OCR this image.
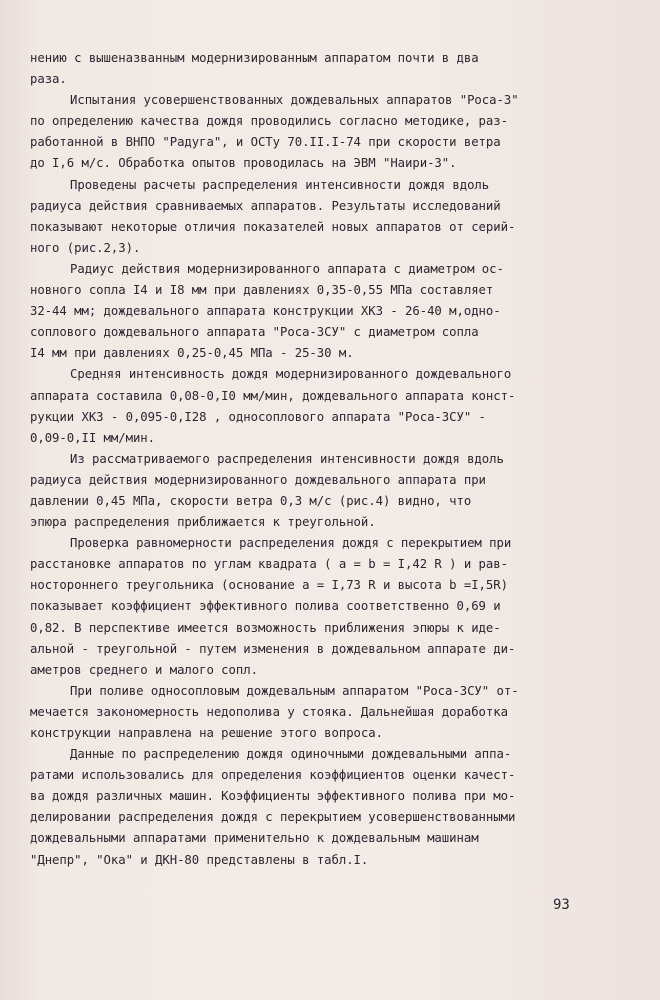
нению с вышеназванным модернизированным аппаратом почти в два
раза.

Испытания усовершенствованных дождевальных аппаратов "Роса-3"
по определению качества дождя проводились согласно методике, раз-
работанной в ВНПО "Радуга", и ОСТу 70.II.I-74 при скорости ветра
до I,6 м/с. Обработка опытов проводилась на ЭВМ "Наири-3".

Проведены расчеты распределения интенсивности дождя вдоль
радиуса действия сравниваемых аппаратов. Результаты исследований
показывают некоторые отличия показателей новых аппаратов от серий-
ного (рис.2,3).

Радиус действия модернизированного аппарата с диаметром ос-
новного сопла I4 и I8 мм при давлениях 0,35-0,55 МПа составляет
32-44 мм; дождевального аппарата конструкции ХКЗ - 26-40 м,одно-
соплового дождевального аппарата "Роса-3СУ" с диаметром сопла
I4 мм при давлениях 0,25-0,45 МПа - 25-30 м.

Средняя интенсивность дождя модернизированного дождевального
аппарата составила 0,08-0,I0 мм/мин, дождевального аппарата конст-
рукции ХКЗ - 0,095-0,I28 , односоплового аппарата "Роса-3СУ" -
0,09-0,II мм/мин.

Из рассматриваемого распределения интенсивности дождя вдоль
радиуса действия модернизированного дождевального аппарата при
давлении 0,45 МПа, скорости ветра 0,3 м/с (рис.4) видно, что
эпюра распределения приближается к треугольной.

Проверка равномерности распределения дождя с перекрытием при
расстановке аппаратов по углам квадрата ( a = b = I,42 R ) и рав-
ностороннего треугольника (основание a = I,73 R и высота b =I,5R)
показывает коэффициент эффективного полива соответственно 0,69 и
0,82. В перспективе имеется возможность приближения эпюры к иде-
альной - треугольной - путем изменения в дождевальном аппарате ди-
аметров среднего и малого сопл.

При поливе односопловым дождевальным аппаратом "Роса-3СУ" от-
мечается закономерность недополива у стояка. Дальнейшая доработка
конструкции направлена на решение этого вопроса.

Данные по распределению дождя одиночными дождевальными аппа-
ратами использовались для определения коэффициентов оценки качест-
ва дождя различных машин. Коэффициенты эффективного полива при мо-
делировании распределения дождя с перекрытием усовершенствованными
дождевальными аппаратами применительно к дождевальным машинам
"Днепр", "Ока" и ДКН-80 представлены в табл.I.

93
